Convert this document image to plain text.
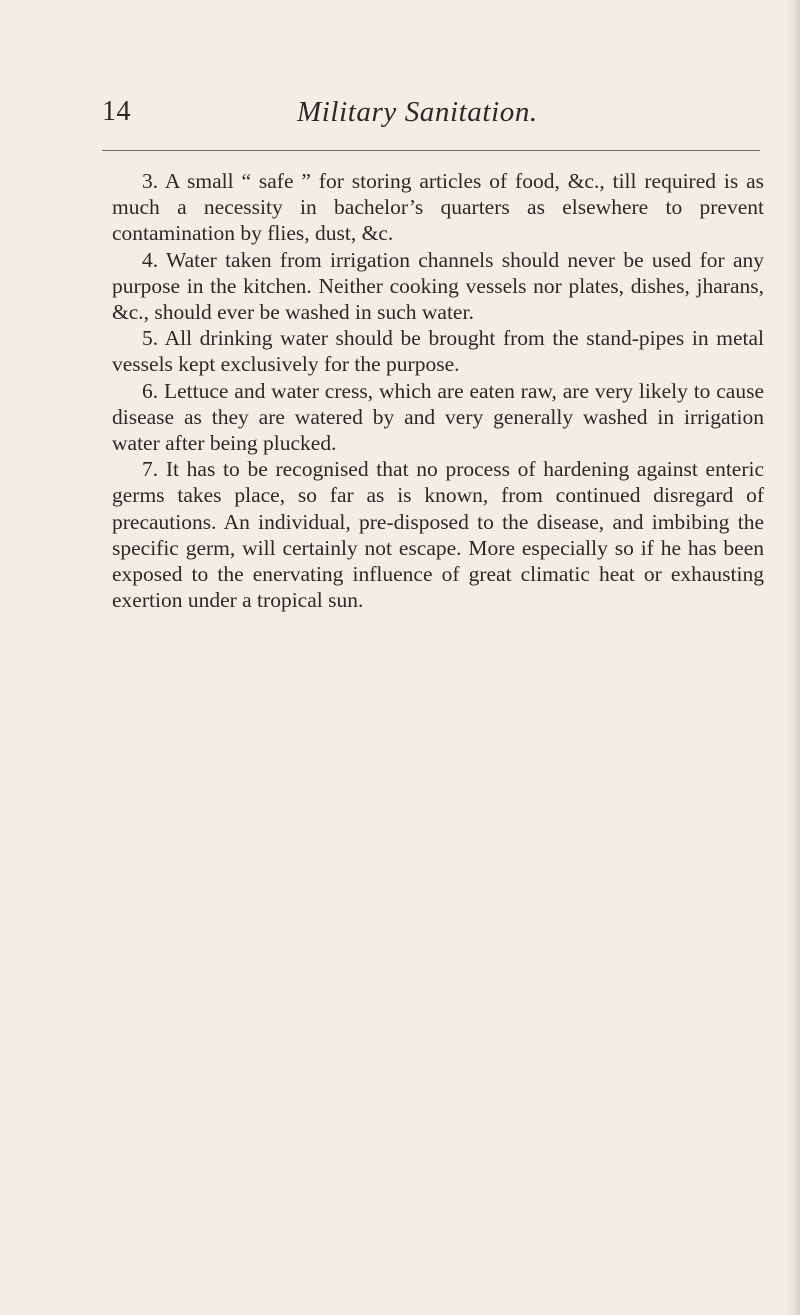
14	Military Sanitation.

3. A small “ safe ” for storing articles of food, &c., till required is as much a necessity in bachelor’s quarters as elsewhere to prevent contamination by flies, dust, &c.

4. Water taken from irrigation channels should never be used for any purpose in the kitchen. Neither cooking vessels nor plates, dishes, jharans, &c., should ever be washed in such water.

5. All drinking water should be brought from the stand-pipes in metal vessels kept exclusively for the purpose.

6. Lettuce and water cress, which are eaten raw, are very likely to cause disease as they are watered by and very generally washed in irrigation water after being plucked.

7. It has to be recognised that no process of hardening against enteric germs takes place, so far as is known, from continued disregard of precautions. An individual, pre-disposed to the disease, and imbibing the specific germ, will certainly not escape. More especially so if he has been exposed to the enervating influence of great climatic heat or exhausting exertion under a tropical sun.
